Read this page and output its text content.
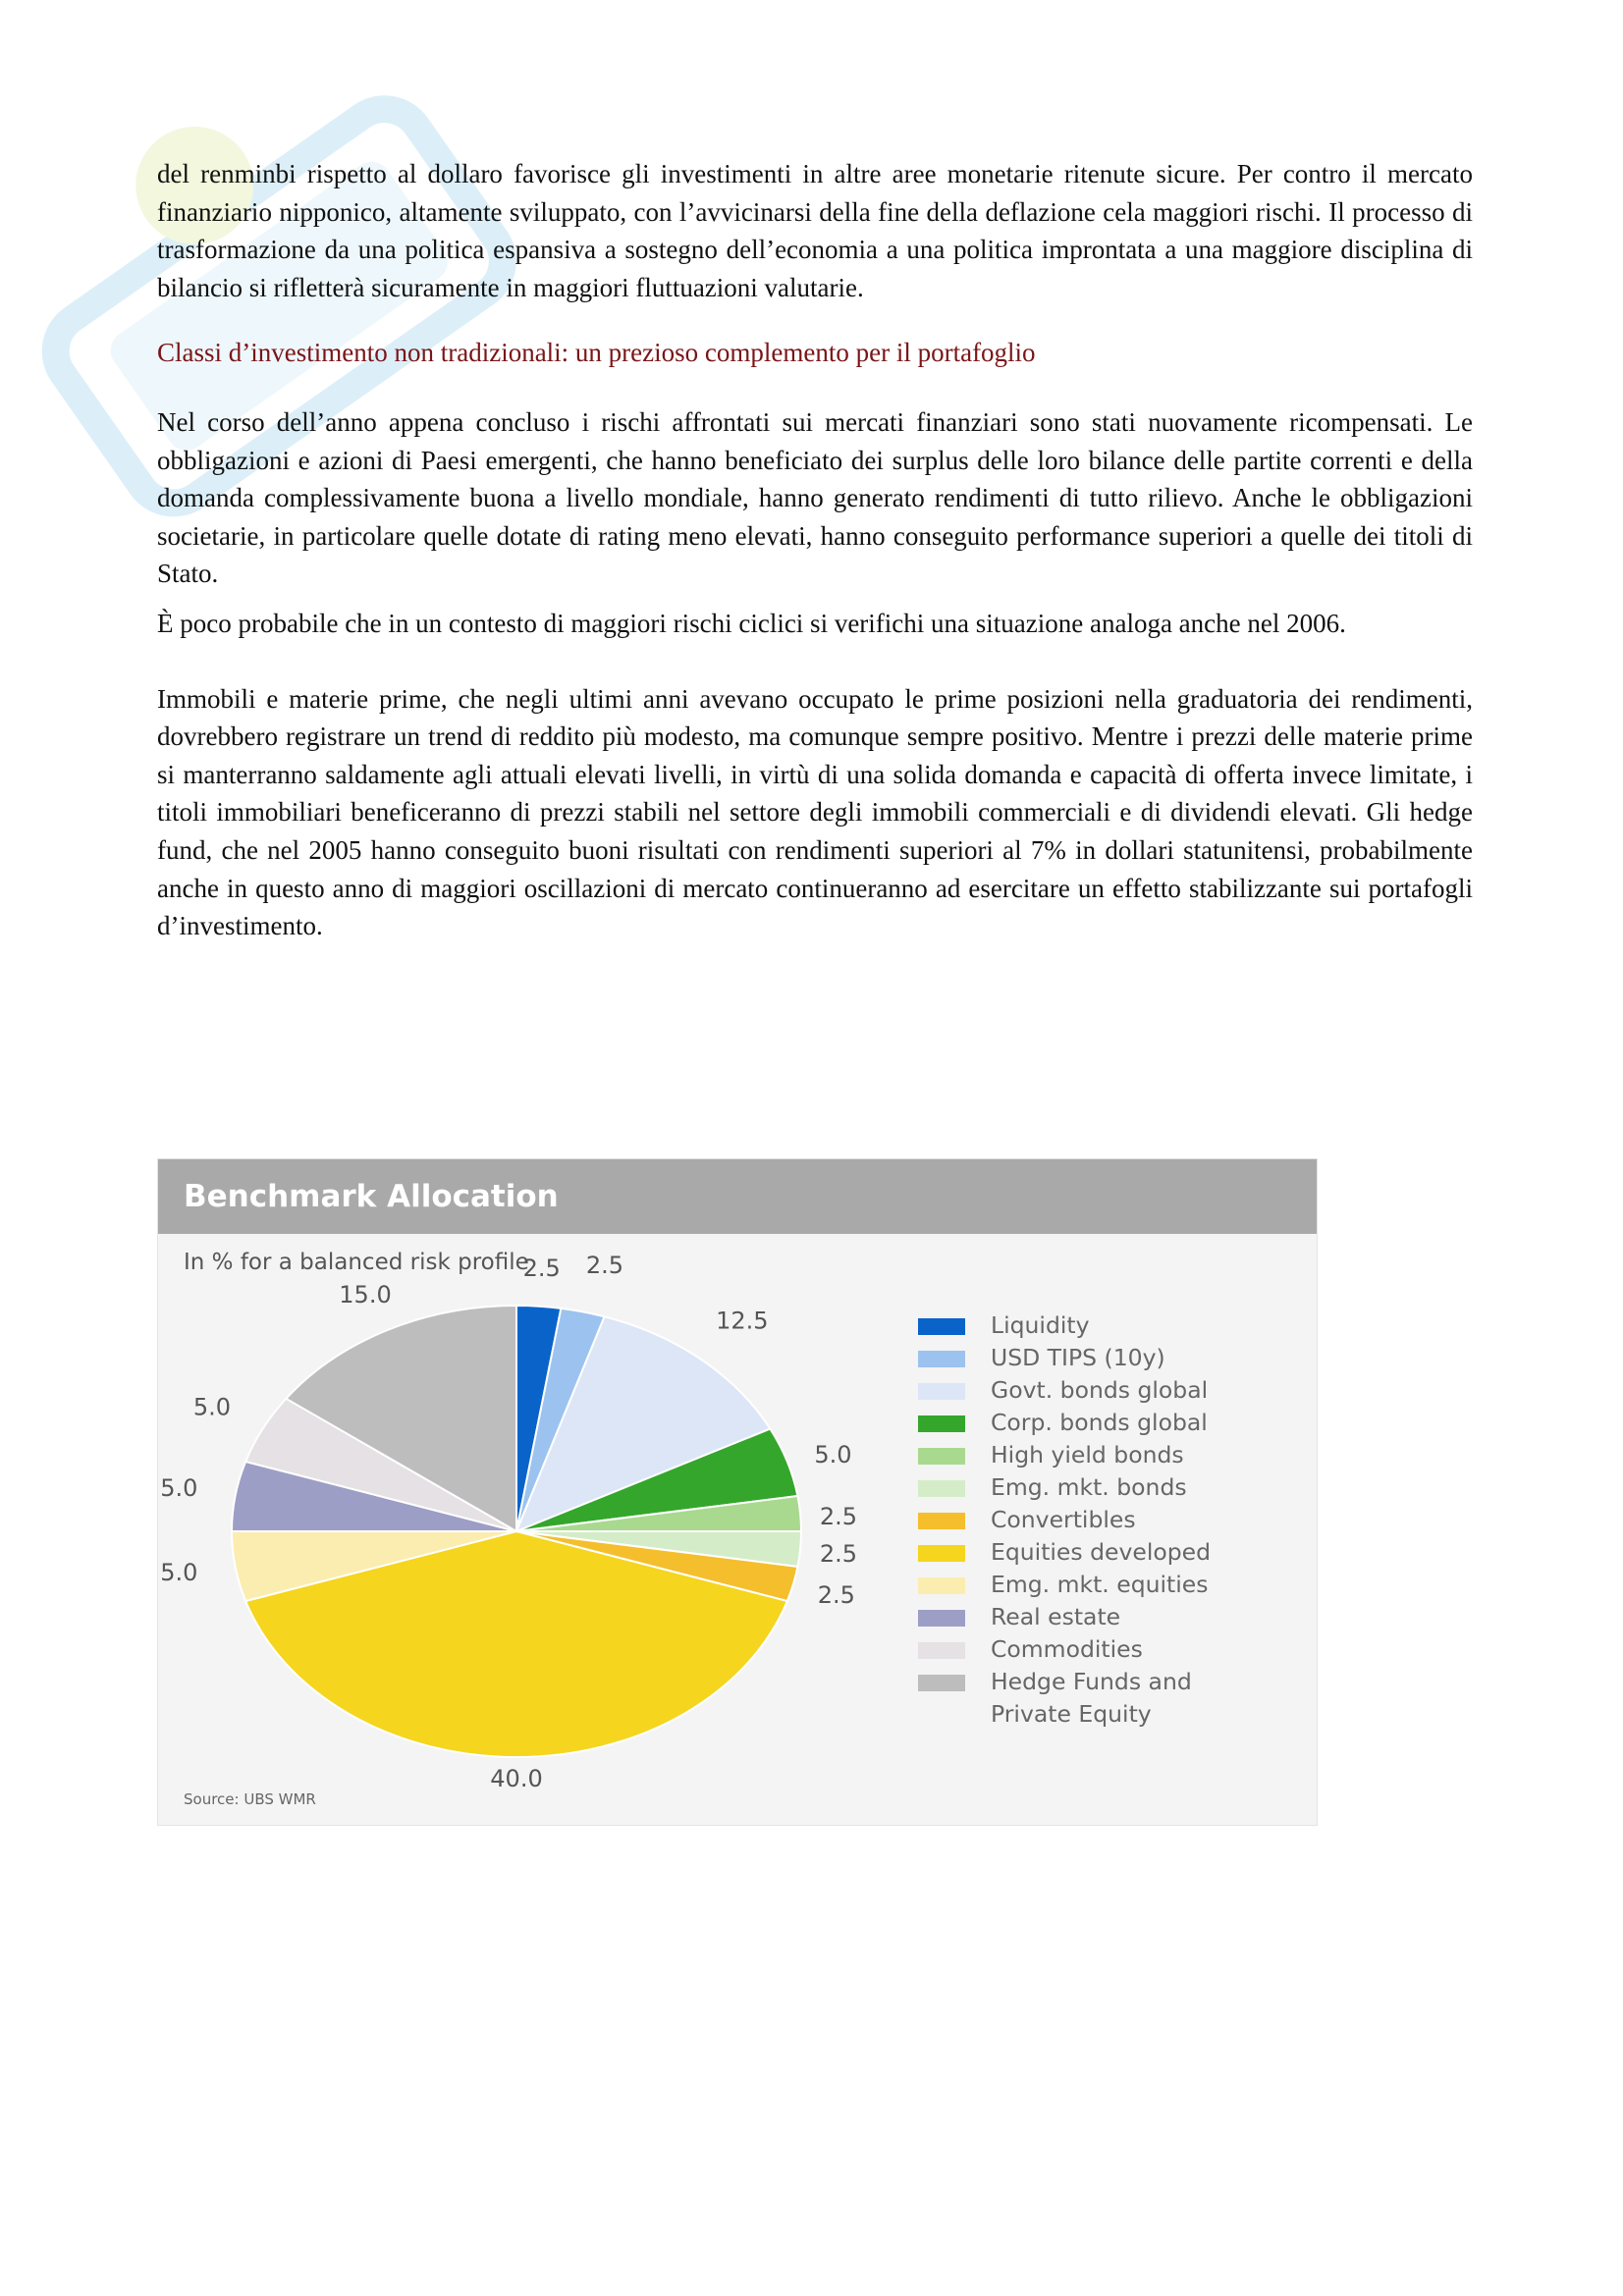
del renminbi rispetto al dollaro favorisce gli investimenti in altre aree monetarie ritenute sicure. Per contro il mercato finanziario nipponico, altamente sviluppato, con l’avvicinarsi della fine della deflazione cela maggiori rischi. Il processo di trasformazione da una politica espansiva a sostegno dell’economia a una politica improntata a una maggiore disciplina di bilancio si rifletterà sicuramente in maggiori fluttuazioni valutarie.

Classi d’investimento non tradizionali: un prezioso complemento per il portafoglio

Nel corso dell’anno appena concluso i rischi affrontati sui mercati finanziari sono stati nuovamente ricompensati. Le obbligazioni e azioni di Paesi emergenti, che hanno beneficiato dei surplus delle loro bilance delle partite correnti e della domanda complessivamente buona a livello mondiale, hanno generato rendimenti di tutto rilievo. Anche le obbligazioni societarie, in particolare quelle dotate di rating meno elevati, hanno conseguito performance superiori a quelle dei titoli di Stato.

È poco probabile che in un contesto di maggiori rischi ciclici si verifichi una situazione analoga anche nel 2006.

Immobili e materie prime, che negli ultimi anni avevano occupato le prime posizioni nella graduatoria dei rendimenti, dovrebbero registrare un trend di reddito più modesto, ma comunque sempre positivo. Mentre i prezzi delle materie prime si manterranno saldamente agli attuali elevati livelli, in virtù di una solida domanda e capacità di offerta invece limitate, i titoli immobiliari beneficeranno di prezzi stabili nel settore degli immobili commerciali e di dividendi elevati. Gli hedge fund, che nel 2005 hanno conseguito buoni risultati con rendimenti superiori al 7% in dollari statunitensi, probabilmente anche in questo anno di maggiori oscillazioni di mercato continueranno ad esercitare un effetto stabilizzante sui portafogli d’investimento.

Benchmark Allocation
In % for a balanced risk profile
2.5 2.5
12.5
5.0
2.5
2.5
2.5
40.0
5.0
5.0
5.0
15.0
Liquidity
USD TIPS (10y)
Govt. bonds global
Corp. bonds global
High yield bonds
Emg. mkt. bonds
Convertibles
Equities developed
Emg. mkt. equities
Real estate
Commodities
Hedge Funds and
Private Equity
Source: UBS WMR
